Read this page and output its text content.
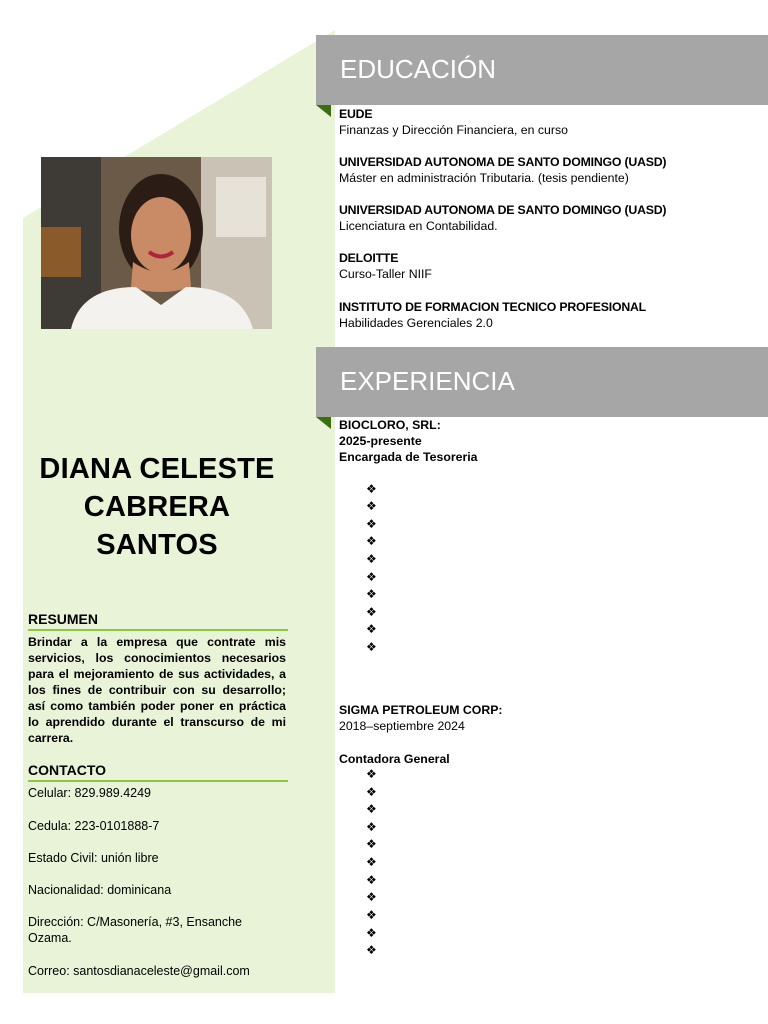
DIANA CELESTE
CABRERA
SANTOS
RESUMEN
Brindar a la empresa que contrate mis servicios, los conocimientos necesarios para el mejoramiento de sus actividades, a los fines de contribuir con su desarrollo; así como también poder poner en práctica lo aprendido durante el transcurso de mi carrera.
CONTACTO
Celular: 829.989.4249
Cedula: 223-0101888-7
Estado Civil: unión libre
Nacionalidad: dominicana
Dirección: C/Masonería, #3, Ensanche Ozama.
Correo: santosdianaceleste@gmail.com
EDUCACIÓN
EUDE
Finanzas y Dirección Financiera, en curso
UNIVERSIDAD AUTONOMA DE SANTO DOMINGO (UASD)
Máster en administración Tributaria. (tesis pendiente)
UNIVERSIDAD AUTONOMA DE SANTO DOMINGO (UASD)
Licenciatura en Contabilidad.
DELOITTE
Curso-Taller NIIF
INSTITUTO DE FORMACION TECNICO PROFESIONAL
Habilidades Gerenciales 2.0
EXPERIENCIA
BIOCLORO, SRL:
2025-presente
Encargada de Tesoreria
❖
❖
❖
❖
❖
❖
❖
❖
❖
❖
SIGMA PETROLEUM CORP:
2018–septiembre 2024
Contadora General
❖
❖
❖
❖
❖
❖
❖
❖
❖
❖
❖
